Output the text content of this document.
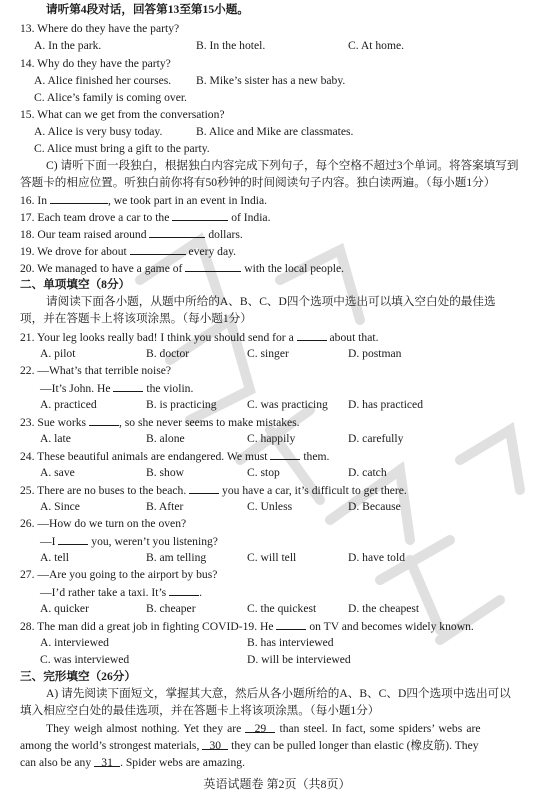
请听第4段对话，回答第13至第15小题。
13. Where do they have the party?
A. In the park.	B. In the hotel.	C. At home.
14. Why do they have the party?
A. Alice finished her courses. B. Mike’s sister has a new baby.
C. Alice’s family is coming over.
15. What can we get from the conversation?
A. Alice is very busy today.	B. Alice and Mike are classmates.
C. Alice must bring a gift to the party.
C) 请听下面一段独白，根据独白内容完成下列句子，每个空格不超过3个单词。将答案填写到
答题卡的相应位置。听独白前你将有50秒钟的时间阅读句子内容。独白读两遍。（每小题1分）
16. In	, we took part in an event in India.
17. Each team drove a car to the	of India.
18. Our team raised around	dollars.
19. We drove for about	every day.
20. We managed to have a game of	with the local people.
二、单项填空（8分）
请阅读下面各小题，从题中所给的A、B、C、D四个选项中选出可以填入空白处的最佳选
项，并在答题卡上将该项涂黑。（每小题1分）
21. Your leg looks really bad! I think you should send for a	about that.
A. pilot	B. doctor	C. singer	D. postman
22. —What’s that terrible noise?
—It’s John. He	the violin.
A. practiced	B. is practicing	C. was practicing D. has practiced
23. Sue works	, so she never seems to make mistakes.
A. late	B. alone	C. happily	D. carefully
24. These beautiful animals are endangered. We must	them.
A. save	B. show	C. stop	D. catch
25. There are no buses to the beach.	you have a car, it’s difficult to get there.
A. Since	B. After	C. Unless	D. Because
26. —How do we turn on the oven?
—I	you, weren’t you listening?
A. tell	B. am telling	C. will tell	D. have told
27. —Are you going to the airport by bus?
—I’d rather take a taxi. It’s	.
A. quicker	B. cheaper	C. the quickest	D. the cheapest
28. The man did a great job in fighting COVID-19. He	on TV and becomes widely known.
A. interviewed	B. has interviewed
C. was interviewed	D. will be interviewed
三、完形填空（26分）
A) 请先阅读下面短文，掌握其大意，然后从各小题所给的A、B、C、D四个选项中选出可以
填入相应空白处的最佳选项，并在答题卡上将该项涂黑。（每小题1分）
They weigh almost nothing. Yet they are 29 than steel. In fact, some spiders’ webs are
among the world’s strongest materials, 30 they can be pulled longer than elastic (橡皮筋). They
can also be any 31 . Spider webs are amazing.
英语试题卷 第2页（共8页）
